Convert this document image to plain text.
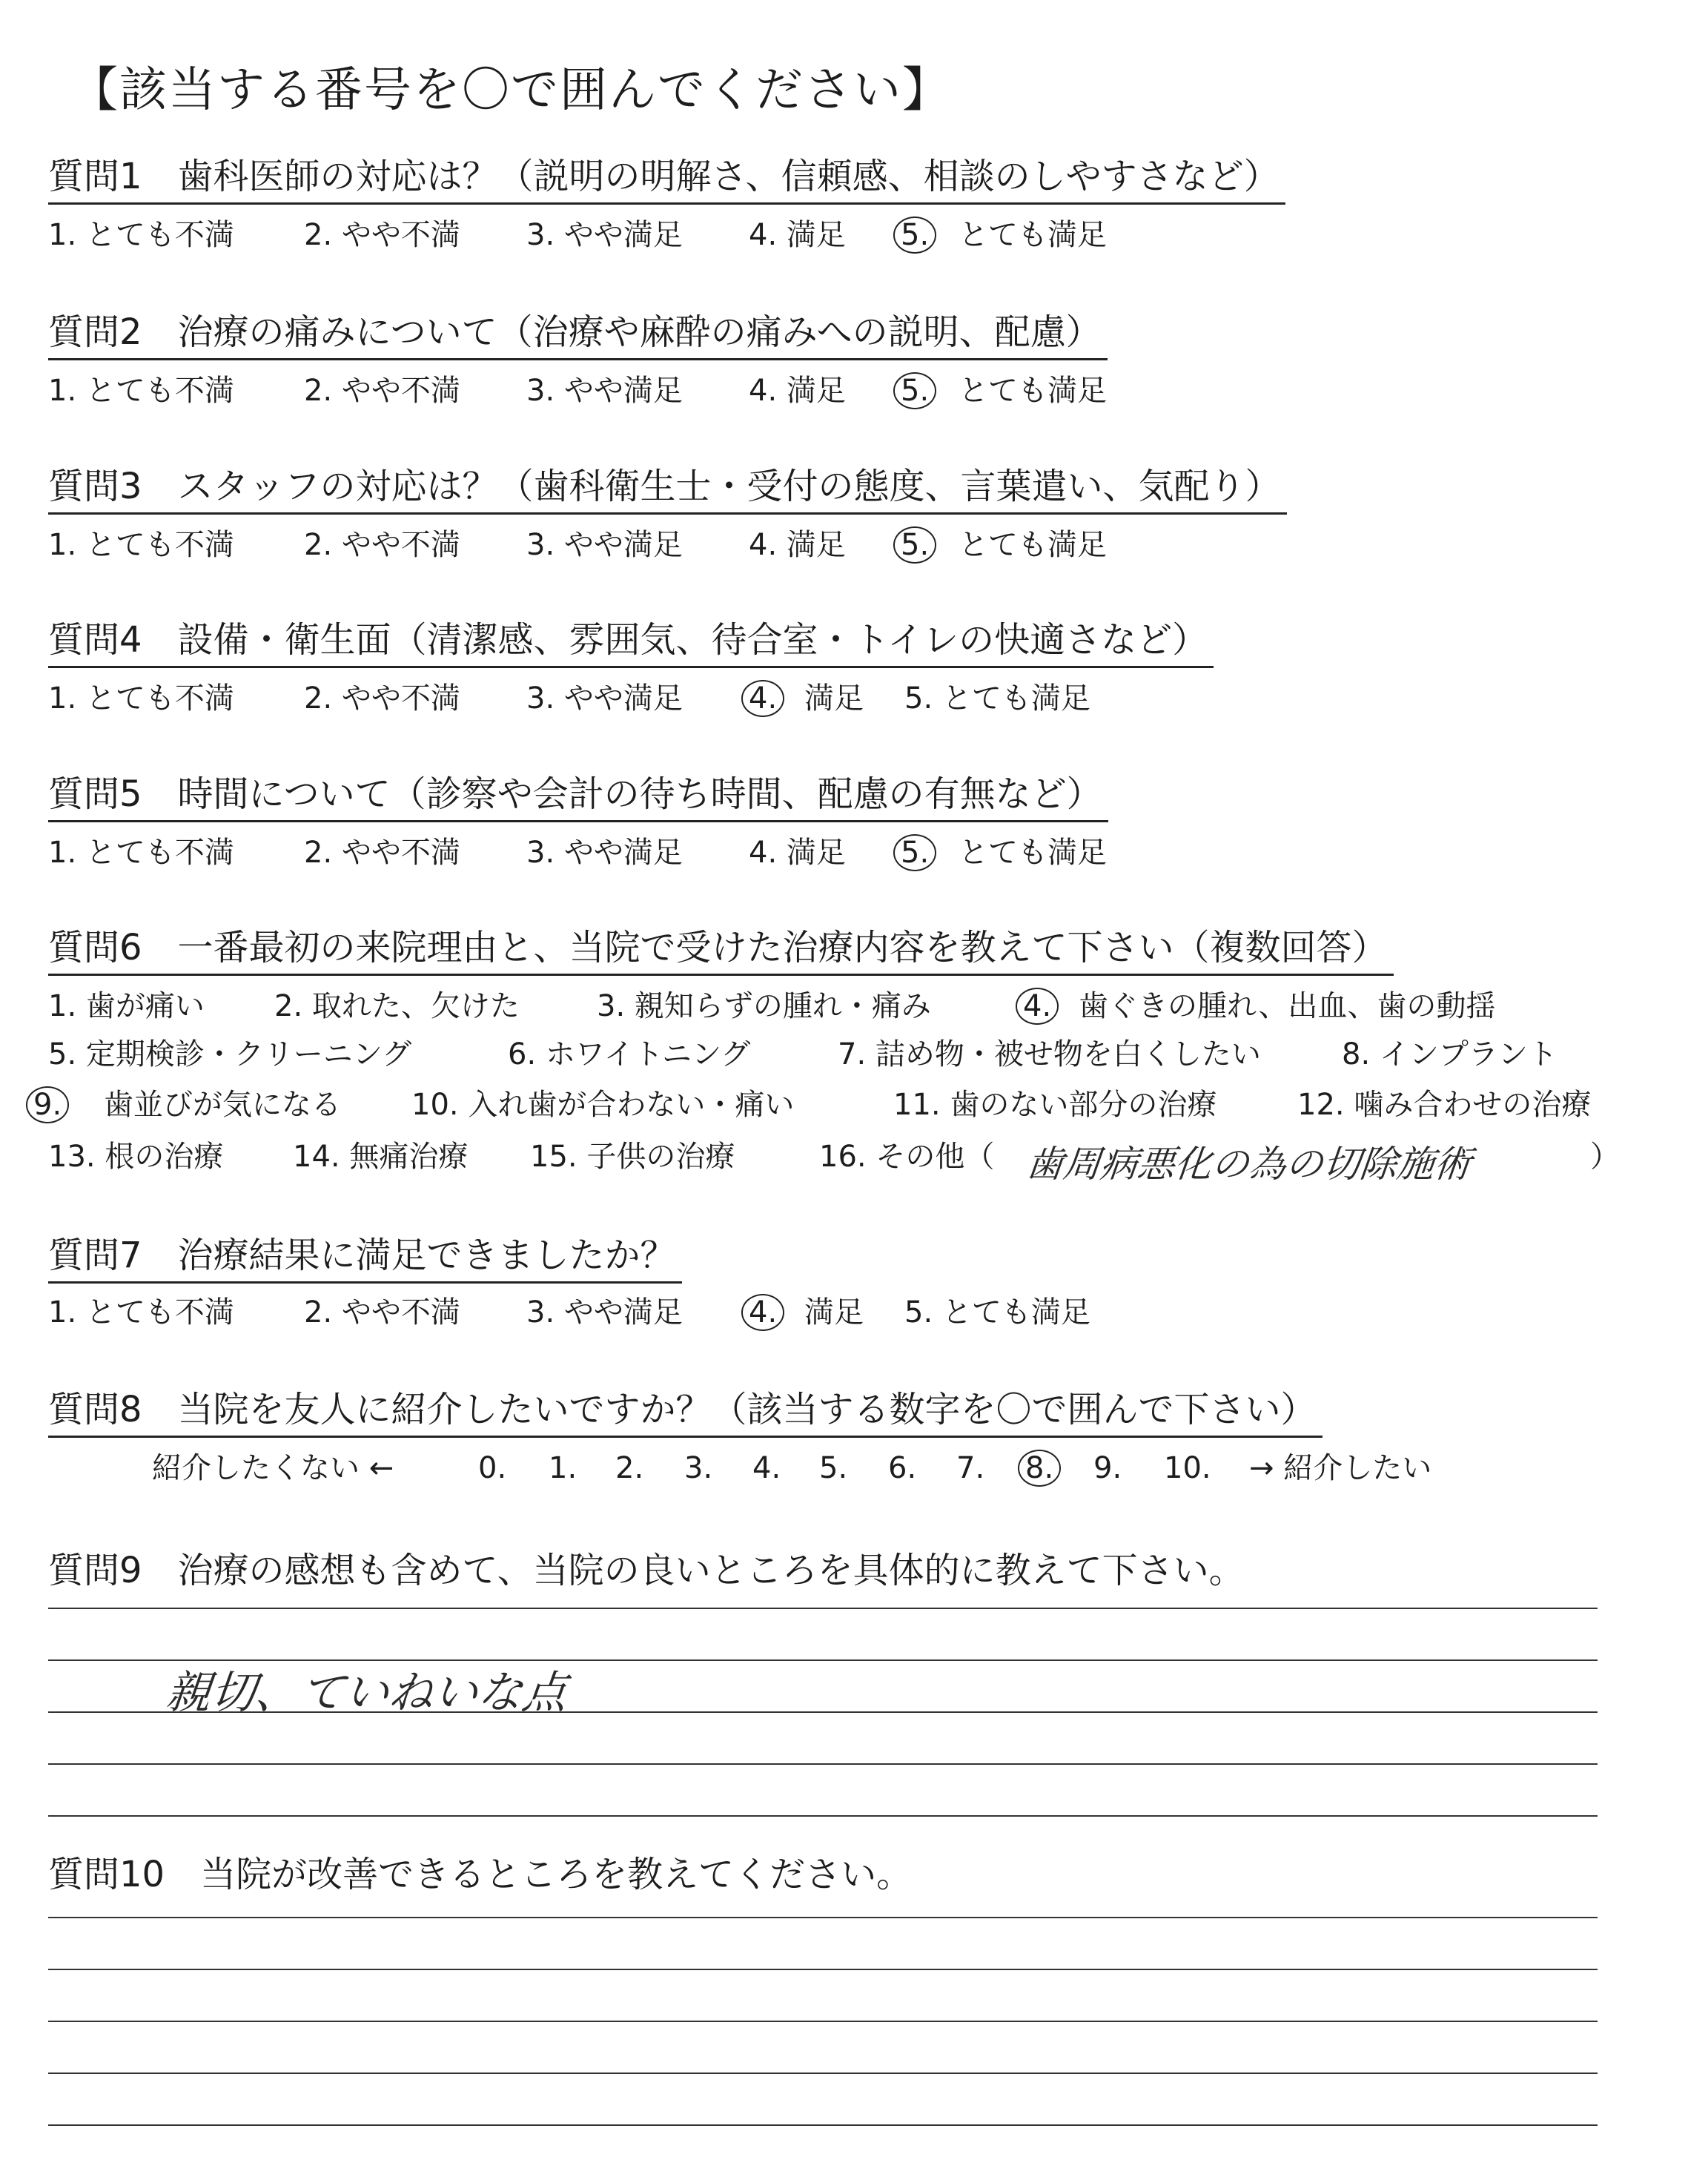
【該当する番号を〇で囲んでください】
質問1　歯科医師の対応は？（説明の明解さ、信頼感、相談のしやすさなど）
1. とても不満 2. やや不満 3. やや満足 4. 満足 5. とても満足
質問2　治療の痛みについて（治療や麻酔の痛みへの説明、配慮）
1. とても不満 2. やや不満 3. やや満足 4. 満足 5. とても満足
質問3　スタッフの対応は？（歯科衛生士・受付の態度、言葉遣い、気配り）
1. とても不満 2. やや不満 3. やや満足 4. 満足 5. とても満足
質問4　設備・衛生面（清潔感、雰囲気、待合室・トイレの快適さなど）
1. とても不満 2. やや不満 3. やや満足 4. 満足 5. とても満足
質問5　時間について（診察や会計の待ち時間、配慮の有無など）
1. とても不満 2. やや不満 3. やや満足 4. 満足 5. とても満足
質問6　一番最初の来院理由と、当院で受けた治療内容を教えて下さい（複数回答）
1. 歯が痛い 2. 取れた、欠けた	3. 親知らずの腫れ・痛み	4. 歯ぐきの腫れ、出血、歯の動揺
5. 定期検診・クリーニング	6. ホワイトニング	7. 詰め物・被せ物を白くしたい	8. インプラント
9. 歯並びが気になる 10. 入れ歯が合わない・痛い	11. 歯のない部分の治療	12. 噛み合わせの治療
13. 根の治療 14. 無痛治療 15. 子供の治療	16. その他（	）
歯周病悪化の為の切除施術
質問7　治療結果に満足できましたか？
1. とても不満 2. やや不満 3. やや満足 4. 満足 5. とても満足
質問8　当院を友人に紹介したいですか？（該当する数字を〇で囲んで下さい）
紹介したくない ←	0. 1. 2. 3. 4. 5. 6. 7. 8. 9. 10. → 紹介したい
質問9　治療の感想も含めて、当院の良いところを具体的に教えて下さい。
親切、ていねいな点
質問10　当院が改善できるところを教えてください。
